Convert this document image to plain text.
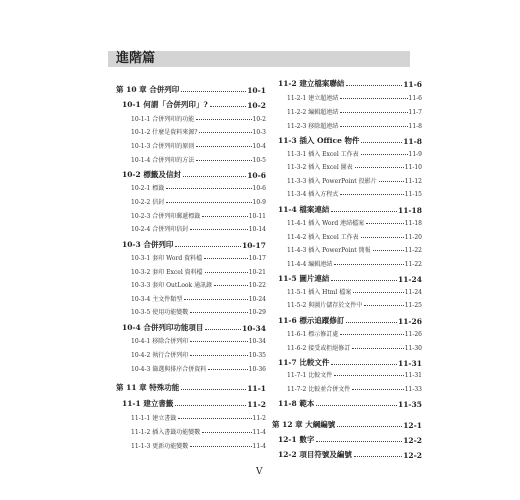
進階篇
第 10 章 合併列印	10-1
10-1 何謂「合併列印」?	10-2
10-1-1 合併列印的功能	10-2
10-1-2 什麼是資料來源?	10-3
10-1-3 合併列印的原則	10-4
10-1-4 合併列印的方法	10-5
10-2 標籤及信封	10-6
10-2-1 標籤	10-6
10-2-2 信封	10-9
10-2-3 合併列印郵遞標籤	10-11
10-2-4 合併列印信封	10-14
10-3 合併列印	10-17
10-3-1 套印 Word 資料檔	10-17
10-3-2 套印 Excel 資料檔	10-21
10-3-3 套印 OutLook 通訊錄	10-22
10-3-4 主文件類型	10-24
10-3-5 使用功能變數	10-29
10-4 合併列印功能項目	10-34
10-4-1 移除合併列印	10-34
10-4-2 執行合併列印	10-35
10-4-3 篩選與排序合併資料	10-36
第 11 章 特殊功能	11-1
11-1 建立書籤	11-2
11-1-1 建立書籤	11-2
11-1-2 插入書籤功能變數	11-4
11-1-3 更新功能變數	11-4
11-2 建立檔案聯結	11-6
11-2-1 建立超連結	11-6
11-2-2 編輯超連結	11-7
11-2-3 移除超連結	11-8
11-3 插入 Office 物件	11-8
11-3-1 插入 Excel 工作表	11-9
11-3-2 插入 Excel 圖表	11-10
11-3-3 插入 PowerPoint 投影片	11-12
11-3-4 插入方程式	11-15
11-4 檔案連結	11-18
11-4-1 插入 Word 連結檔案	11-18
11-4-2 插入 Excel 工作表	11-20
11-4-3 插入 PowerPoint 簡報	11-22
11-4-4 編輯連結	11-22
11-5 圖片連結	11-24
11-5-1 插入 Html 檔案	11-24
11-5-2 與圖片儲存於文件中	11-25
11-6 標示追蹤修訂	11-26
11-6-1 標示修訂處	11-26
11-6-2 接受或拒絕修訂	11-30
11-7 比較文件	11-31
11-7-1 比較文件	11-31
11-7-2 比較並合併文件	11-33
11-8 範本	11-35
第 12 章 大綱編號	12-1
12-1 數字	12-2
12-2 項目符號及編號	12-2
V
